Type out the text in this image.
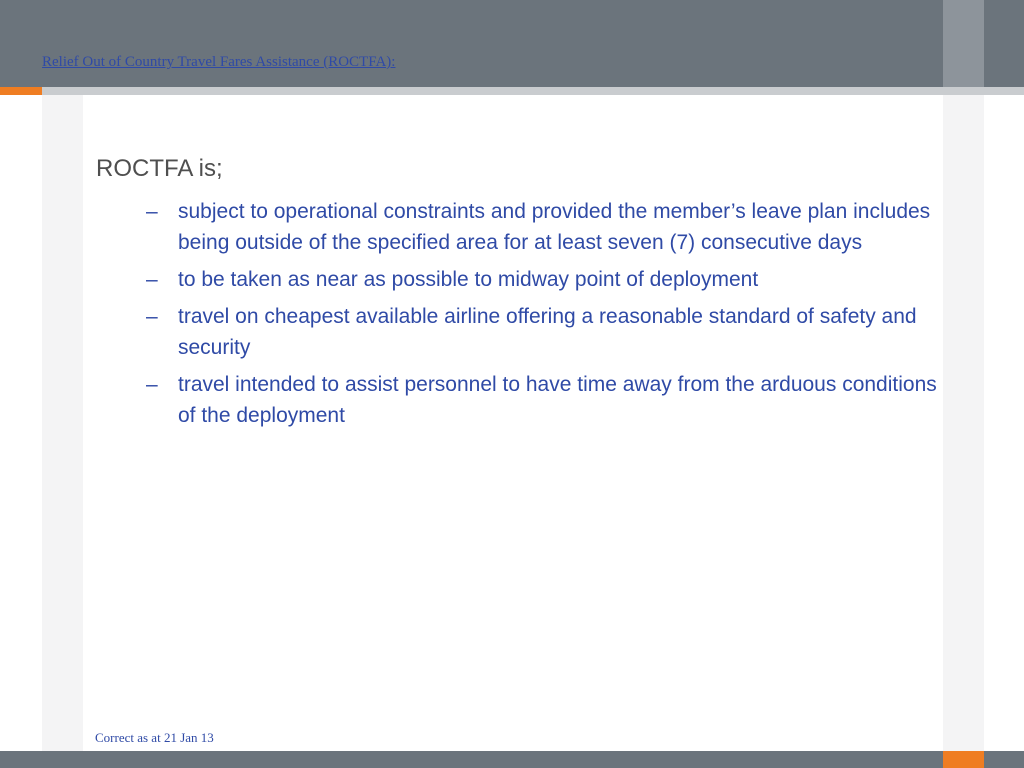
Relief Out of Country Travel Fares Assistance (ROCTFA):
ROCTFA is;
– subject to operational constraints and provided the member’s leave plan includes being outside of the specified area for at least seven (7) consecutive days
– to be taken as near as possible to midway point of deployment
– travel on cheapest available airline offering a reasonable standard of safety and security
– travel intended to assist personnel to have time away from the arduous conditions of the deployment
Correct as at 21 Jan 13
